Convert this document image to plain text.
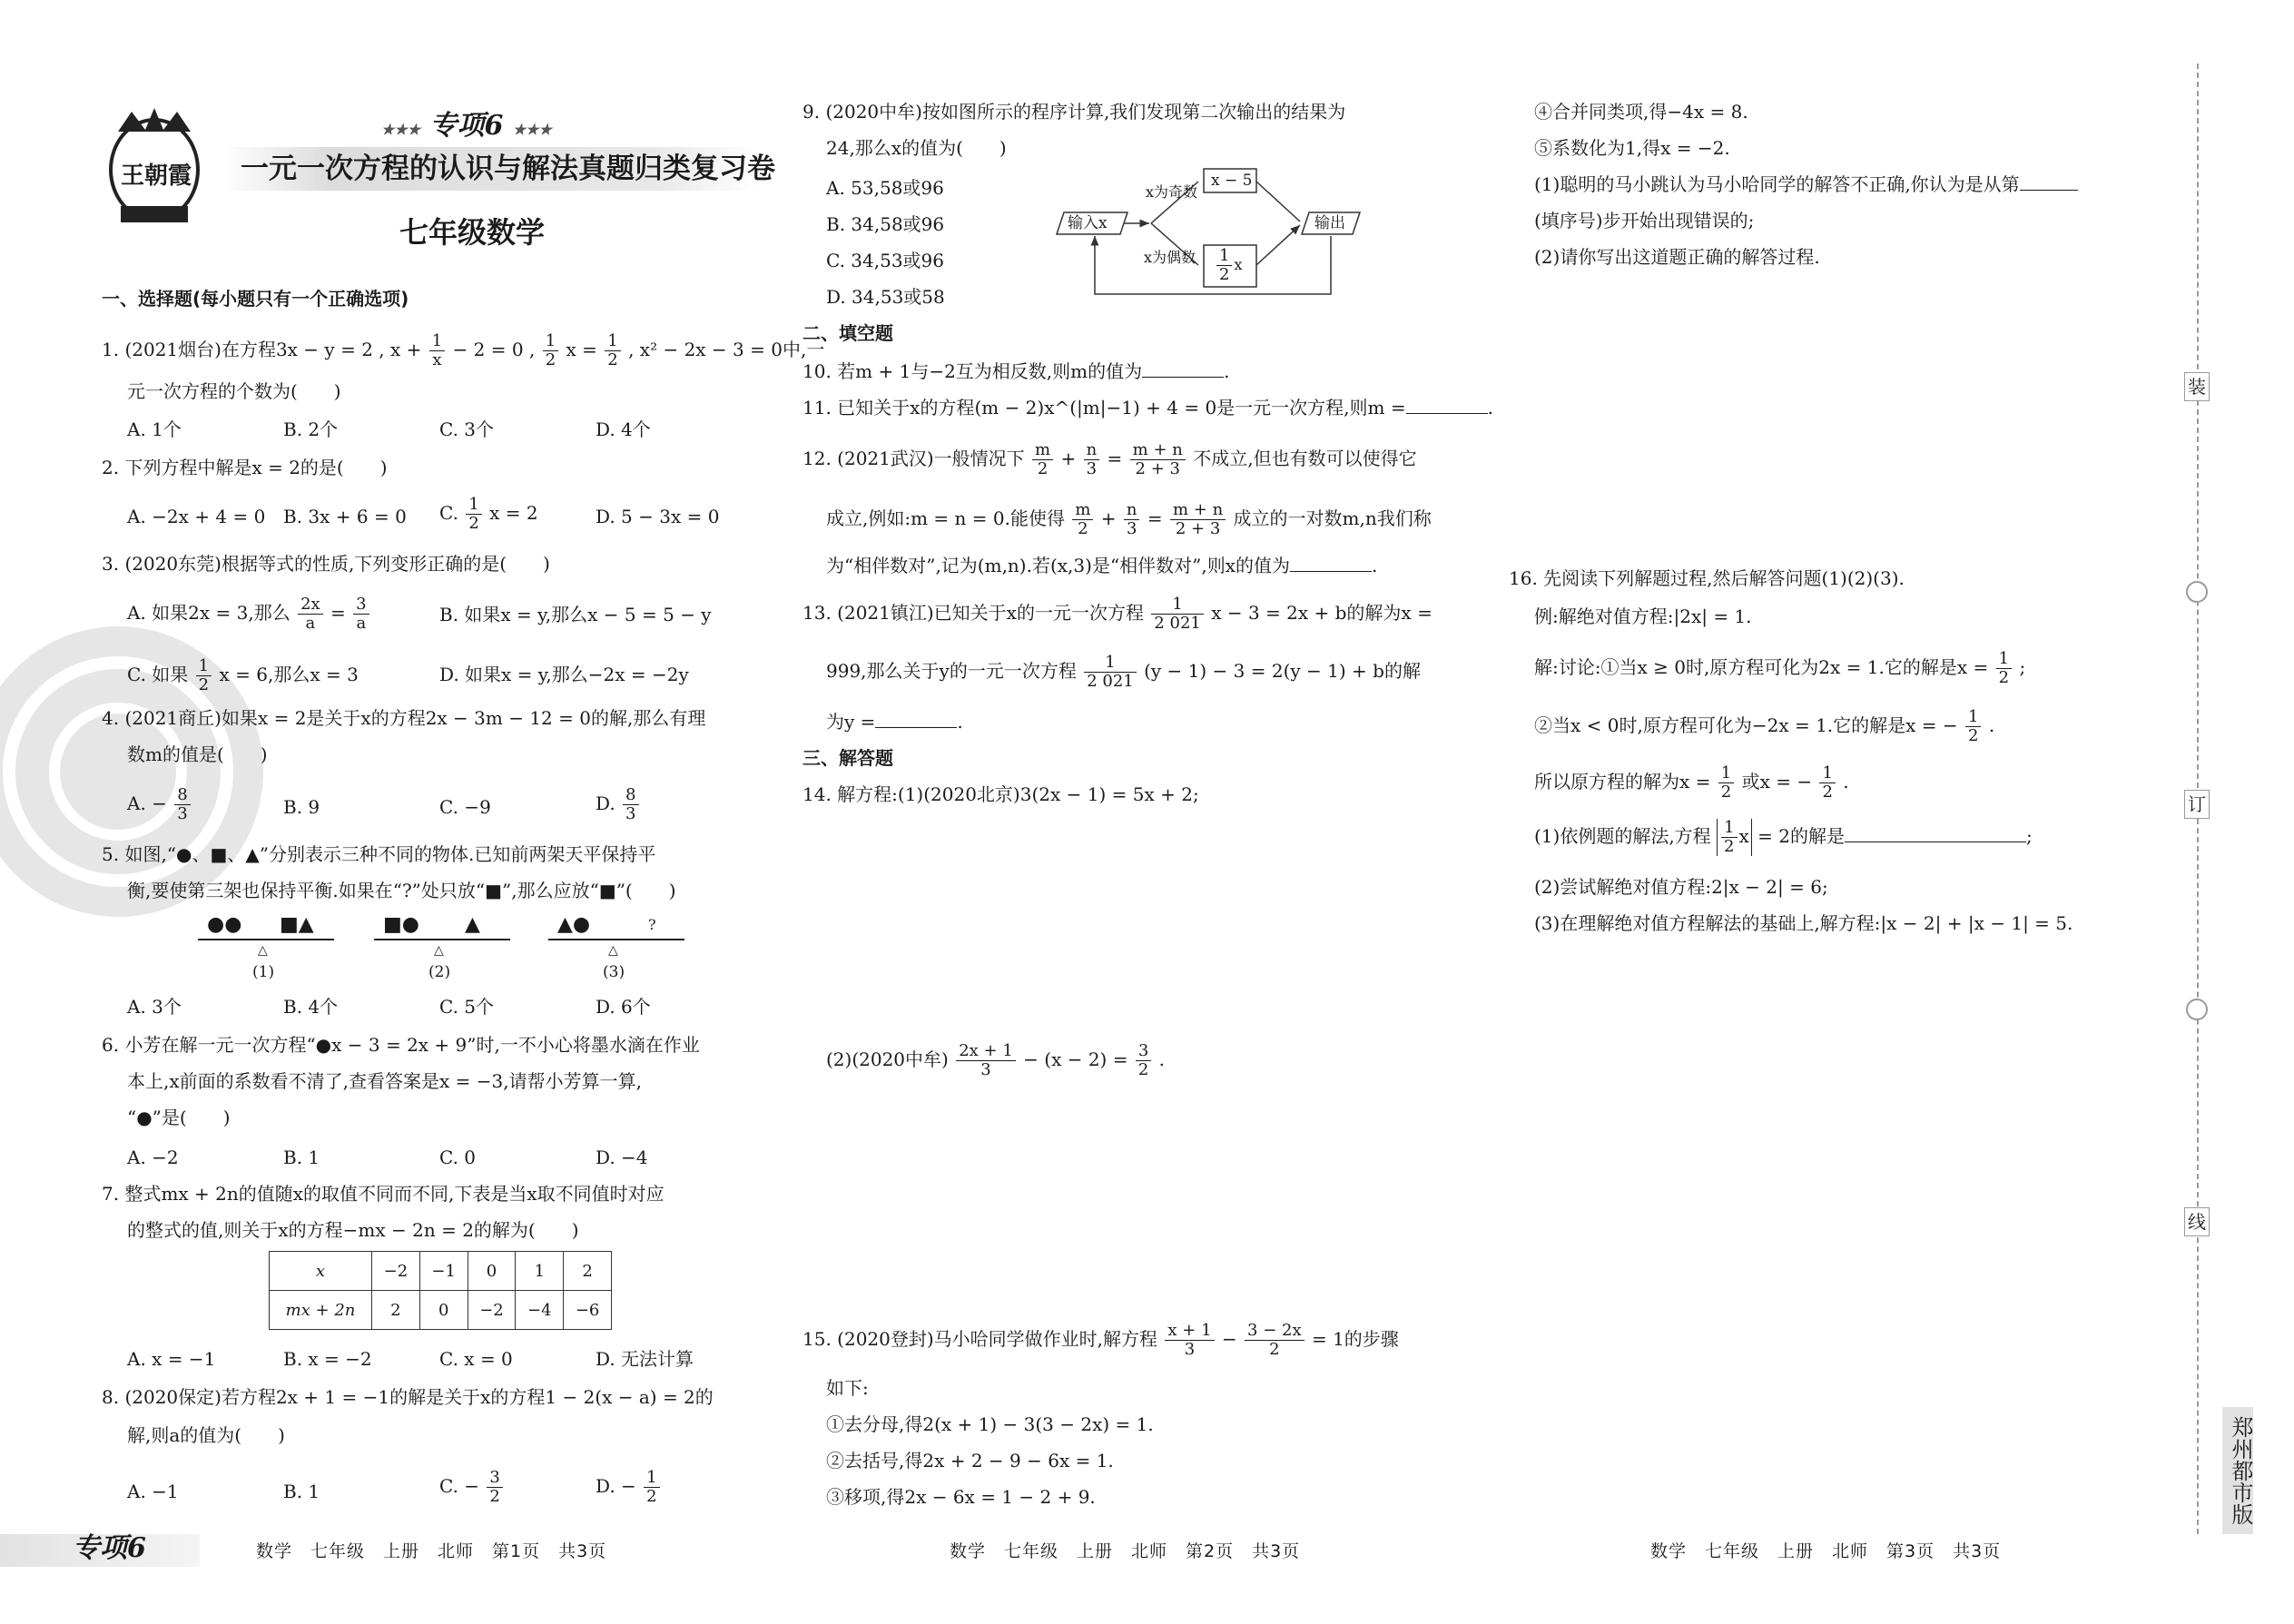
王朝霞
★★★ 专项6 ★★★
一元一次方程的认识与解法真题归类复习卷
七年级数学
一、选择题(每小题只有一个正确选项)
1. (2021烟台)在方程3x − y = 2 , $x + \frac{1}{x} - 2 = 0$ , $\frac{1}{2}$ $x = \frac{1}{2}$ , x² − 2x − 3 = 0中,一
元一次方程的个数为(　　)
A. 1个	B. 2个	C. 3个	D. 4个
2. 下列方程中解是x = 2的是(　　)
A. −2x + 4 = 0 B. 3x + 6 = 0 C. $\frac{1}{2}$ x = 2	D. 5 − 3x = 0
3. (2020东莞)根据等式的性质,下列变形正确的是(　　)
A. 如果2x = 3,那么 $\frac{2x}{a} = \frac{3}{a}$	B. 如果x = y,那么x − 5 = 5 − y
C. 如果 $\frac{1}{2}$ x = 6,那么x = 3	D. 如果x = y,那么−2x = −2y
4. (2021商丘)如果x = 2是关于x的方程2x − 3m − 12 = 0的解,那么有理
数m的值是(　　)
A. − $\frac{8}{3}$	B. 9	C. −9	D. $\frac{8}{3}$
5. 如图,“●、■、▲”分别表示三种不同的物体.已知前两架天平保持平
衡,要使第三架也保持平衡.如果在“?”处只放“■”,那么应放“■”(　　)
●● ■▲
△
(1)
■● ▲
△
(2)
▲●	?
△
(3)
A. 3个	B. 4个	C. 5个	D. 6个
6. 小芳在解一元一次方程“●x − 3 = 2x + 9”时,一不小心将墨水滴在作业
本上,x前面的系数看不清了,查看答案是x = −3,请帮小芳算一算,
“●”是(　　)
A. −2	B. 1	C. 0	D. −4
7. 整式mx + 2n的值随x的取值不同而不同,下表是当x取不同值时对应
的整式的值,则关于x的方程−mx − 2n = 2的解为(　　)
x	−2	−1	0	1	2
mx + 2n	2	0	−2	−4	−6
A. x = −1	B. x = −2	C. x = 0	D. 无法计算
8. (2020保定)若方程2x + 1 = −1的解是关于x的方程1 − 2(x − a) = 2的
解,则a的值为(　　)
A. −1	B. 1	C. − $\frac{3}{2}$	D. − $\frac{1}{2}$
专项6	数学　七年级　上册　北师　第1页　共3页
9. (2020中牟)按如图所示的程序计算,我们发现第二次输出的结果为
24,那么x的值为(　　)
A. 53,58或96
B. 34,58或96
C. 34,53或96
D. 34,53或58
输入x
x为奇数
x为偶数
x − 5
$\frac{1}{2}$ x
输出
二、填空题
10. 若m + 1与−2互为相反数,则m的值为	.
11. 已知关于x的方程(m − 2)x^(|m|−1) + 4 = 0是一元一次方程,则m =	.
12. (2021武汉)一般情况下 $\frac{m}{2} + \frac{n}{3} = \frac{m + n}{2 + 3}$ 不成立,但也有数可以使得它
成立,例如:m = n = 0.能使得 $\frac{m}{2} + \frac{n}{3} = \frac{m + n}{2 + 3}$ 成立的一对数m,n我们称
为“相伴数对”,记为(m,n).若(x,3)是“相伴数对”,则x的值为	.
13. (2021镇江)已知关于x的一元一次方程 $\frac{1}{2 021}$ x − 3 = 2x + b的解为x =
999,那么关于y的一元一次方程 $\frac{1}{2 021} (y - 1) - 3 = 2(y - 1) + b$的解
为y =	.
三、解答题
14. 解方程:(1)(2020北京)3(2x − 1) = 5x + 2;
(2)(2020中牟) $\frac{2x + 1}{3} - (x - 2) = \frac{3}{2}$ .
15. (2020登封)马小哈同学做作业时,解方程 $\frac{x + 1}{3} - \frac{3 - 2x}{2} = 1$的步骤
如下:
①去分母,得2(x + 1) − 3(3 − 2x) = 1.
②去括号,得2x + 2 − 9 − 6x = 1.
③移项,得2x − 6x = 1 − 2 + 9.
数学　七年级　上册　北师　第2页　共3页
④合并同类项,得−4x = 8.
⑤系数化为1,得x = −2.
(1)聪明的马小跳认为马小哈同学的解答不正确,你认为是从第
(填序号)步开始出现错误的;
(2)请你写出这道题正确的解答过程.
16. 先阅读下列解题过程,然后解答问题(1)(2)(3).
例:解绝对值方程:|2x| = 1.
解:讨论:①当x ≥ 0时,原方程可化为2x = 1.它的解是$x = \frac{1}{2}$ ;
②当x < 0时,原方程可化为−2x = 1.它的解是x = − $\frac{1}{2}$ .
所以原方程的解为$x = \frac{1}{2}$ 或x = − $\frac{1}{2}$ .
(1)依例题的解法,方程 $\frac{1}{2}$ x = 2的解是	;
(2)尝试解绝对值方程:2|x − 2| = 6;
(3)在理解绝对值方程解法的基础上,解方程:|x − 2| + |x − 1| = 5.
数学　七年级　上册　北师　第3页　共3页
装
订
线
郑州都市版
